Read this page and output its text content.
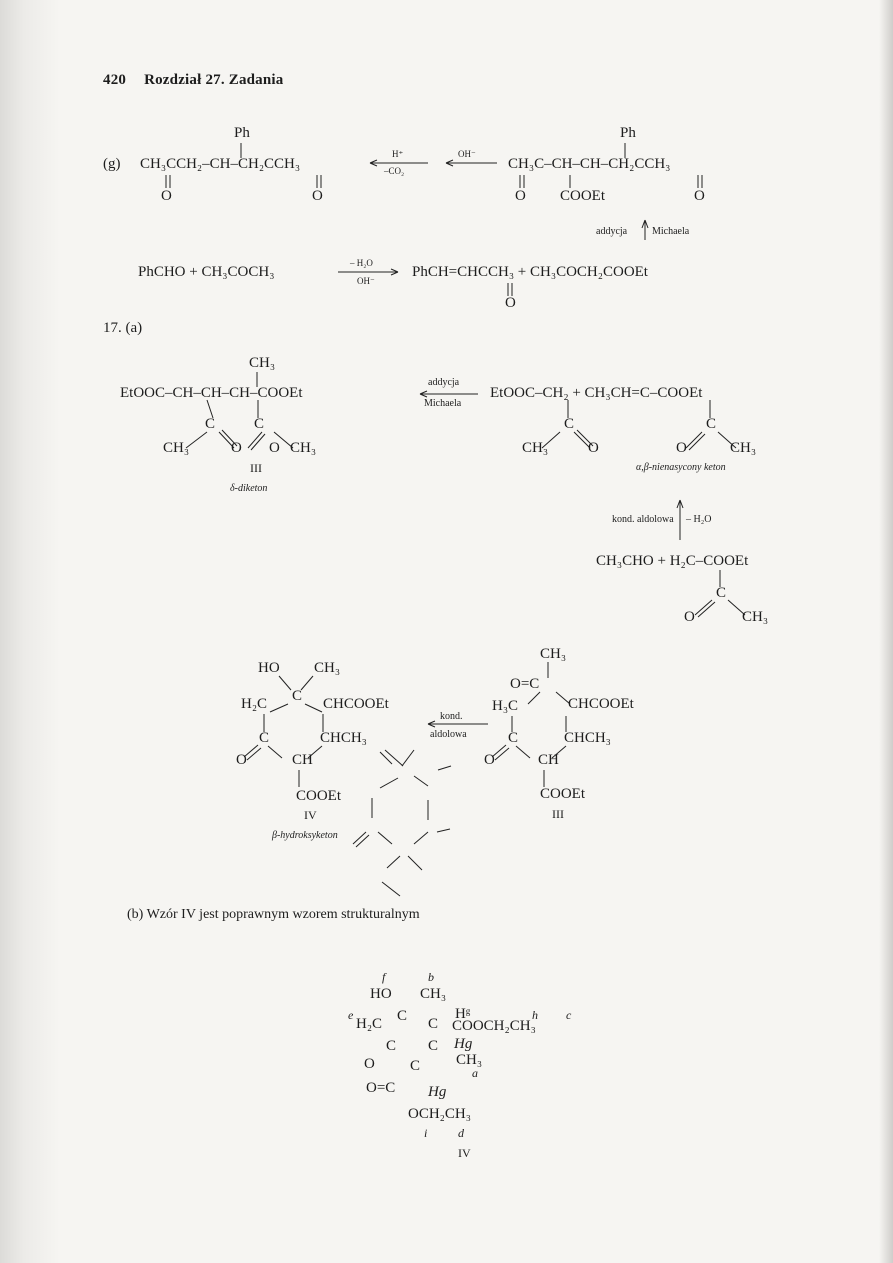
420 Rozdział 27. Zadania
(g)
Ph
CH₃CCH₂–CH–CH₂CCH₃
O	O
H⁺
–CO₂
OH⁻
Ph
CH₃C–CH–CH–CH₂CCH₃
O COOEt	O
addycja Michaela
PhCHO + CH₃COCH₃
– H₂O
OH⁻
PhCH=CHCCH₃ + CH₃COCH₂COOEt
O
17. (a)
CH₃
EtOOC–CH–CH–CH–COOEt
C	C
CH₃	O O CH₃
III
δ-diketon
addycja
Michaela
EtOOC–CH₂ + CH₃CH=C–COOEt
C
CH₃	O
C
O	CH₃
α,β-nienasycony keton
kond. aldolowa – H₂O
CH₃CHO + H₂C–COOEt
C
O	CH₃
HO CH₃
C
H₂C	CHCOOEt
C	CHCH₃
O	CH
COOEt
IV
β-hydroksyketon
kond.
aldolowa
CH₃
O=C
H₃C	CHCOOEt
C	CHCH₃
O	CH
COOEt
III
(b) Wzór IV jest poprawnym wzorem strukturalnym
f	b
HO CH₃
e
H₂C C C
Hᵍ	h c
COOCH₂CH₃
C C Hg
CH₃
a
O C
O=C Hg
OCH₂CH₃
i	d
IV
